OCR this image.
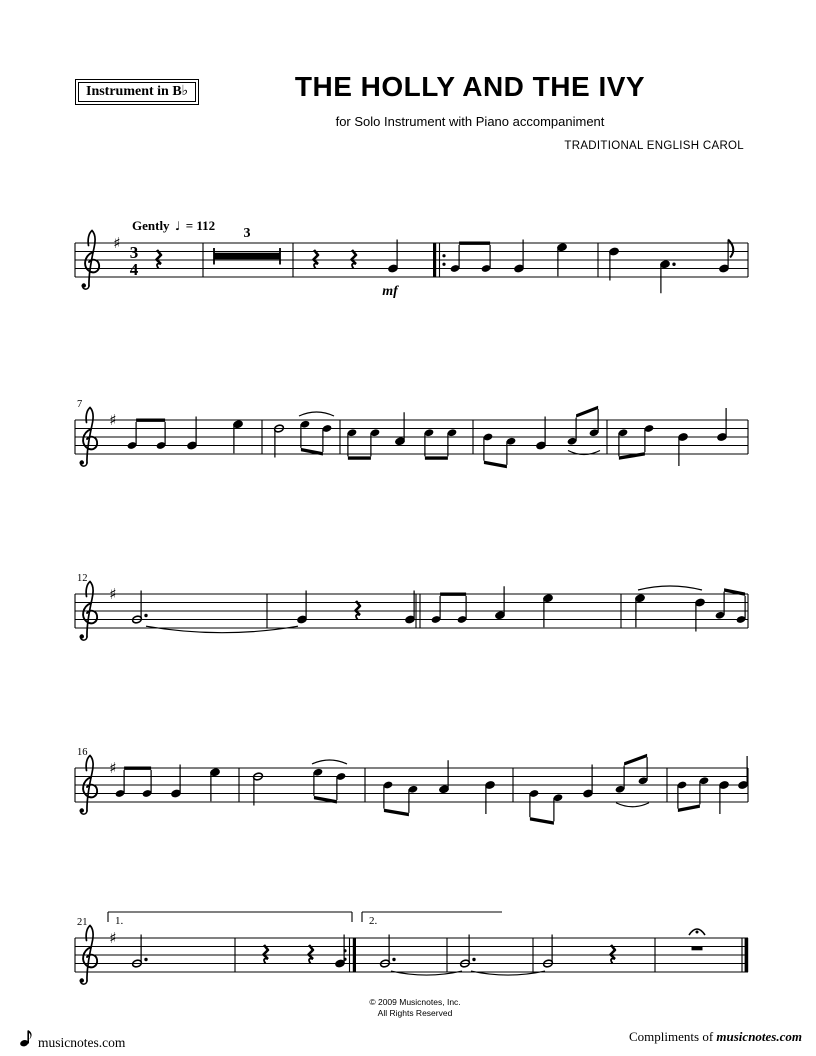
Instrument in B♭	THE HOLLY AND THE IVY
for Solo Instrument with Piano accompaniment
TRADITIONAL ENGLISH CAROL
Gently ♩ = 112
♯ 3
4
3
mf
7
♯
12
♯
16
♯
21
♯
1.	2.
© 2009 Musicnotes, Inc.
All Rights Reserved
musicnotes.com	Compliments of musicnotes.com
